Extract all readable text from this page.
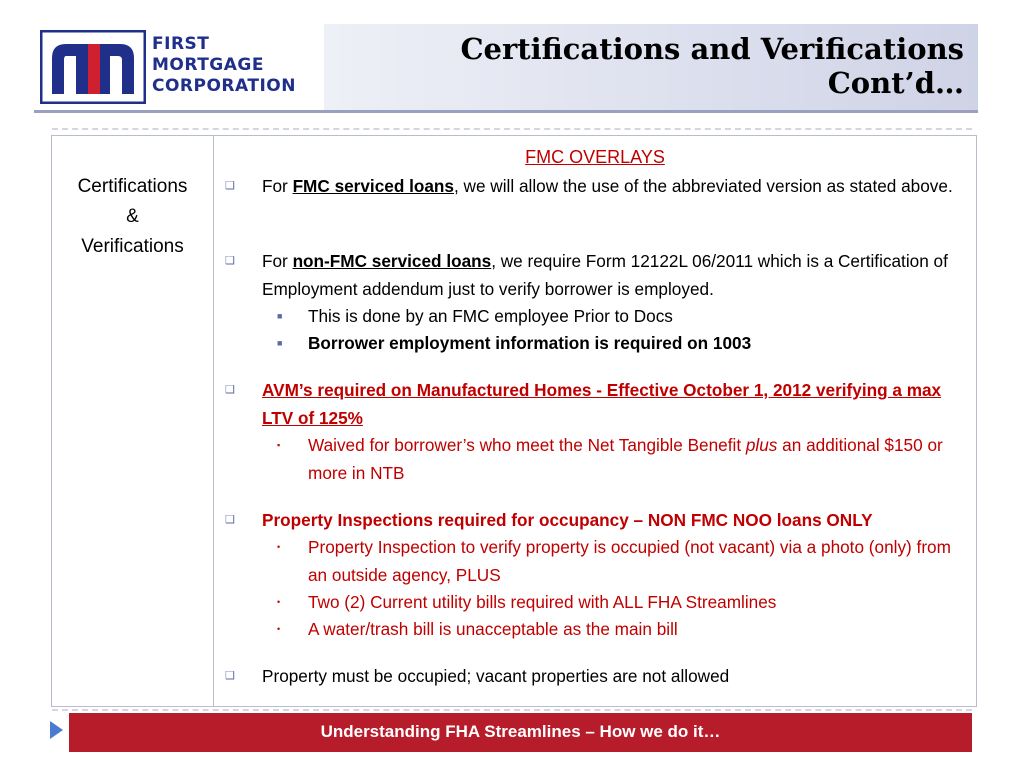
FIRST
MORTGAGE
CORPORATION
Certifications and Verifications
Cont’d…
Certifications
&
Verifications
FMC OVERLAYS
❑ For FMC serviced loans, we will allow the use of the abbreviated version as stated above.
❑ For non-FMC serviced loans, we require Form 12122L 06/2011 which is a Certification of Employment addendum just to verify borrower is employed.
■ This is done by an FMC employee Prior to Docs
■ Borrower employment information is required on 1003
❑ AVM’s required on Manufactured Homes - Effective October 1, 2012 verifying a max LTV of 125%
▪ Waived for borrower’s who meet the Net Tangible Benefit plus an additional $150 or more in NTB
❑ Property Inspections required for occupancy – NON FMC NOO loans ONLY
• Property Inspection to verify property is occupied (not vacant) via a photo (only) from an outside agency, PLUS
• Two (2) Current utility bills required with ALL FHA Streamlines
• A water/trash bill is unacceptable as the main bill
❑ Property must be occupied; vacant properties are not allowed
Understanding FHA Streamlines – How we do it…
